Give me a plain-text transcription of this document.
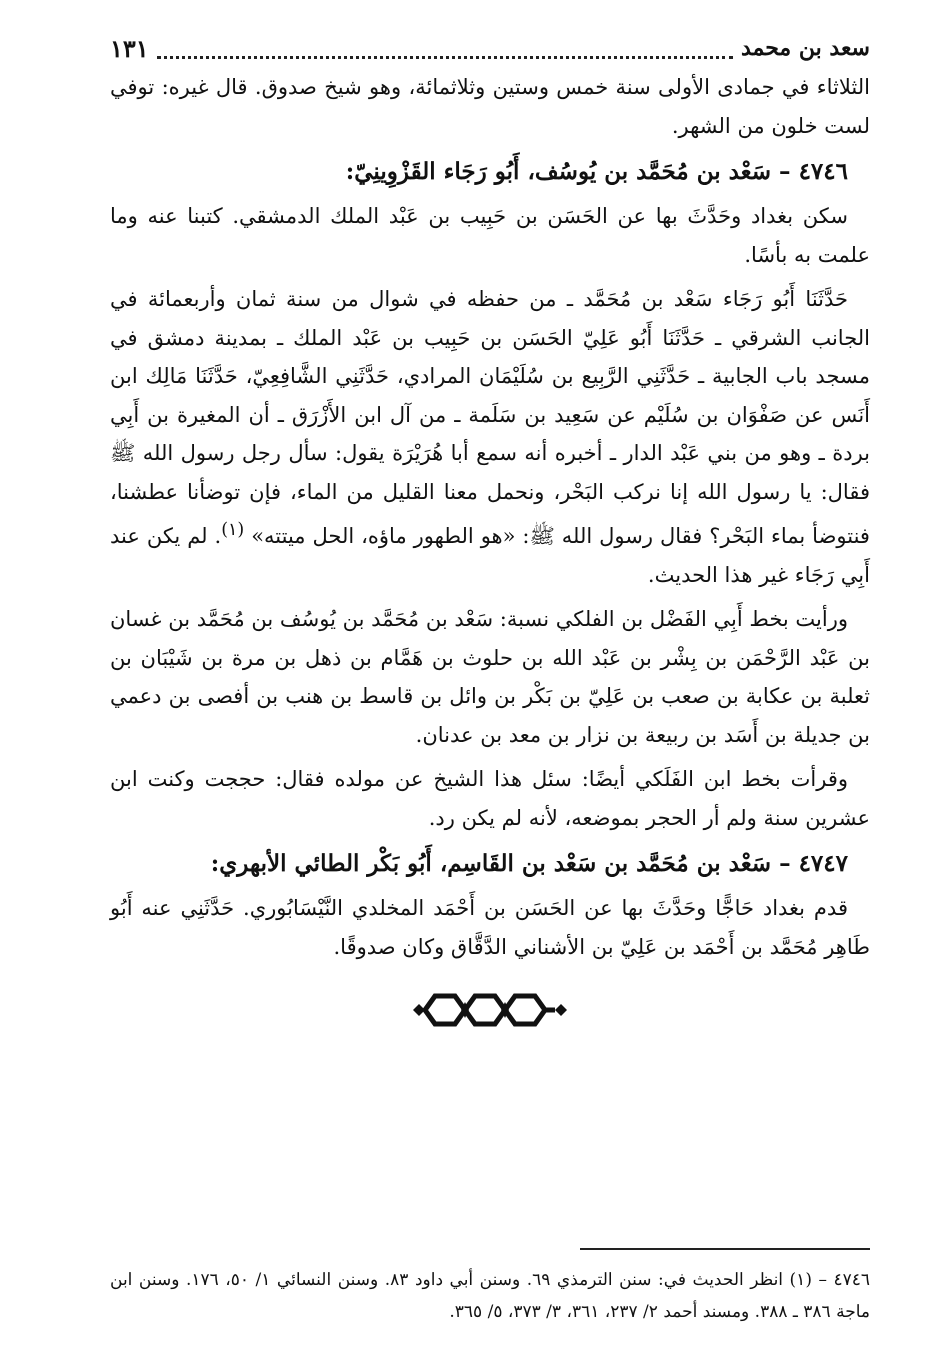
سعد بن محمد
١٣١

الثلاثاء في جمادى الأولى سنة خمس وستين وثلاثمائة، وهو شيخ صدوق. قال غيره: توفي لست خلون من الشهر.

٤٧٤٦ – سَعْد بن مُحَمَّد بن يُوسُف، أَبُو رَجَاء القَزْوِينِيّ:

سكن بغداد وحَدَّثَ بها عن الحَسَن بن حَبِيب بن عَبْد الملك الدمشقي. كتبنا عنه وما علمت به بأسًا.

حَدَّثَنَا أَبُو رَجَاء سَعْد بن مُحَمَّد ـ من حفظه في شوال من سنة ثمان وأربعمائة في الجانب الشرقي ـ حَدَّثَنَا أَبُو عَلِيّ الحَسَن بن حَبِيب بن عَبْد الملك ـ بمدينة دمشق في مسجد باب الجابية ـ حَدَّثَنِي الرَّبِيع بن سُلَيْمَان المرادي، حَدَّثَنِي الشَّافِعِيّ، حَدَّثَنَا مَالِك ابن أَنَس عن صَفْوَان بن سُلَيْم عن سَعِيد بن سَلَمة ـ من آل ابن الأَزْرَق ـ أن المغيرة بن أَبِي بردة ـ وهو من بني عَبْد الدار ـ أخبره أنه سمع أبا هُرَيْرَة يقول: سأل رجل رسول الله ﷺ فقال: يا رسول الله إنا نركب البَحْر، ونحمل معنا القليل من الماء، فإن توضأنا عطشنا، فنتوضأ بماء البَحْر؟ فقال رسول الله ﷺ: «هو الطهور ماؤه، الحل ميتته» $^{(١)}$. لم يكن عند أَبِي رَجَاء غير هذا الحديث.

ورأيت بخط أَبِي الفَضْل بن الفلكي نسبة: سَعْد بن مُحَمَّد بن يُوسُف بن مُحَمَّد بن غسان بن عَبْد الرَّحْمَن بن بِشْر بن عَبْد الله بن حلوث بن هَمَّام بن ذهل بن مرة بن شَيْبَان بن ثعلبة بن عكابة بن صعب بن عَلِيّ بن بَكْر بن وائل بن قاسط بن هنب بن أفصى بن دعمي بن جديلة بن أَسَد بن ربيعة بن نزار بن معد بن عدنان.

وقرأت بخط ابن الفَلَكي أيضًا: سئل هذا الشيخ عن مولده فقال: حججت وكنت ابن عشرين سنة ولم أر الحجر بموضعه، لأنه لم يكن رد.

٤٧٤٧ – سَعْد بن مُحَمَّد بن سَعْد بن القَاسِم، أَبُو بَكْر الطائي الأبهري:

قدم بغداد حَاجًّا وحَدَّثَ بها عن الحَسَن بن أَحْمَد المخلدي النَّيْسَابُوري. حَدَّثَنِي عنه أَبُو طَاهِر مُحَمَّد بن أَحْمَد بن عَلِيّ بن الأشناني الدَّقَّاق وكان صدوقًا.

٤٧٤٦ – (١) انظر الحديث في: سنن الترمذي ٦٩. وسنن أبي داود ٨٣. وسنن النسائي ١/ ٥٠، ١٧٦. وسنن ابن ماجة ٣٨٦ ـ ٣٨٨. ومسند أحمد ٢/ ٢٣٧، ٣٦١، ٣/ ٣٧٣، ٥/ ٣٦٥.
